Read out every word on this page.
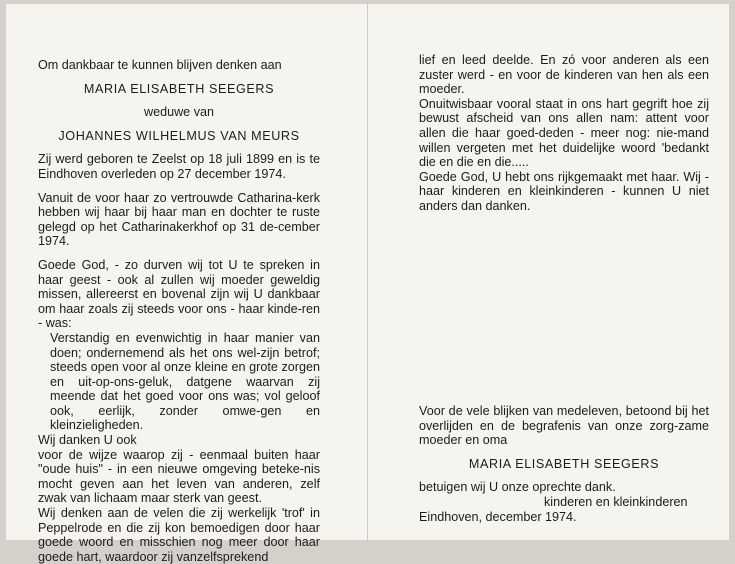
Om dankbaar te kunnen blijven denken aan

MARIA ELISABETH SEEGERS

weduwe van

JOHANNES WILHELMUS VAN MEURS

Zij werd geboren te Zeelst op 18 juli 1899 en is te Eindhoven overleden op 27 december 1974.

Vanuit de voor haar zo vertrouwde Catharina-kerk hebben wij haar bij haar man en dochter te ruste gelegd op het Catharinakerkhof op 31 de-cember 1974.

Goede God, - zo durven wij tot U te spreken in haar geest - ook al zullen wij moeder geweldig missen, allereerst en bovenal zijn wij U dankbaar om haar zoals zij steeds voor ons - haar kinde-ren - was:

Verstandig en evenwichtig in haar manier van doen; ondernemend als het ons wel-zijn betrof; steeds open voor al onze kleine en grote zorgen en uit-op-ons-geluk, datgene waarvan zij meende dat het goed voor ons was; vol geloof ook, eerlijk, zonder omwe-gen en kleinzieligheden.

Wij danken U ook

voor de wijze waarop zij - eenmaal buiten haar "oude huis" - in een nieuwe omgeving beteke-nis mocht geven aan het leven van anderen, zelf zwak van lichaam maar sterk van geest.

Wij denken aan de velen die zij werkelijk 'trof' in Peppelrode en die zij kon bemoedigen door haar goede woord en misschien nog meer door haar goede hart, waardoor zij vanzelfsprekend

lief en leed deelde. En zó voor anderen als een zuster werd - en voor de kinderen van hen als een moeder.

Onuitwisbaar vooral staat in ons hart gegrift hoe zij bewust afscheid van ons allen nam: attent voor allen die haar goed-deden - meer nog: nie-mand willen vergeten met het duidelijke woord 'bedankt die en die en die.....

Goede God, U hebt ons rijkgemaakt met haar. Wij - haar kinderen en kleinkinderen - kunnen U niet anders dan danken.

Voor de vele blijken van medeleven, betoond bij het overlijden en de begrafenis van onze zorg-zame moeder en oma

MARIA ELISABETH SEEGERS

betuigen wij U onze oprechte dank.

kinderen en kleinkinderen

Eindhoven, december 1974.
